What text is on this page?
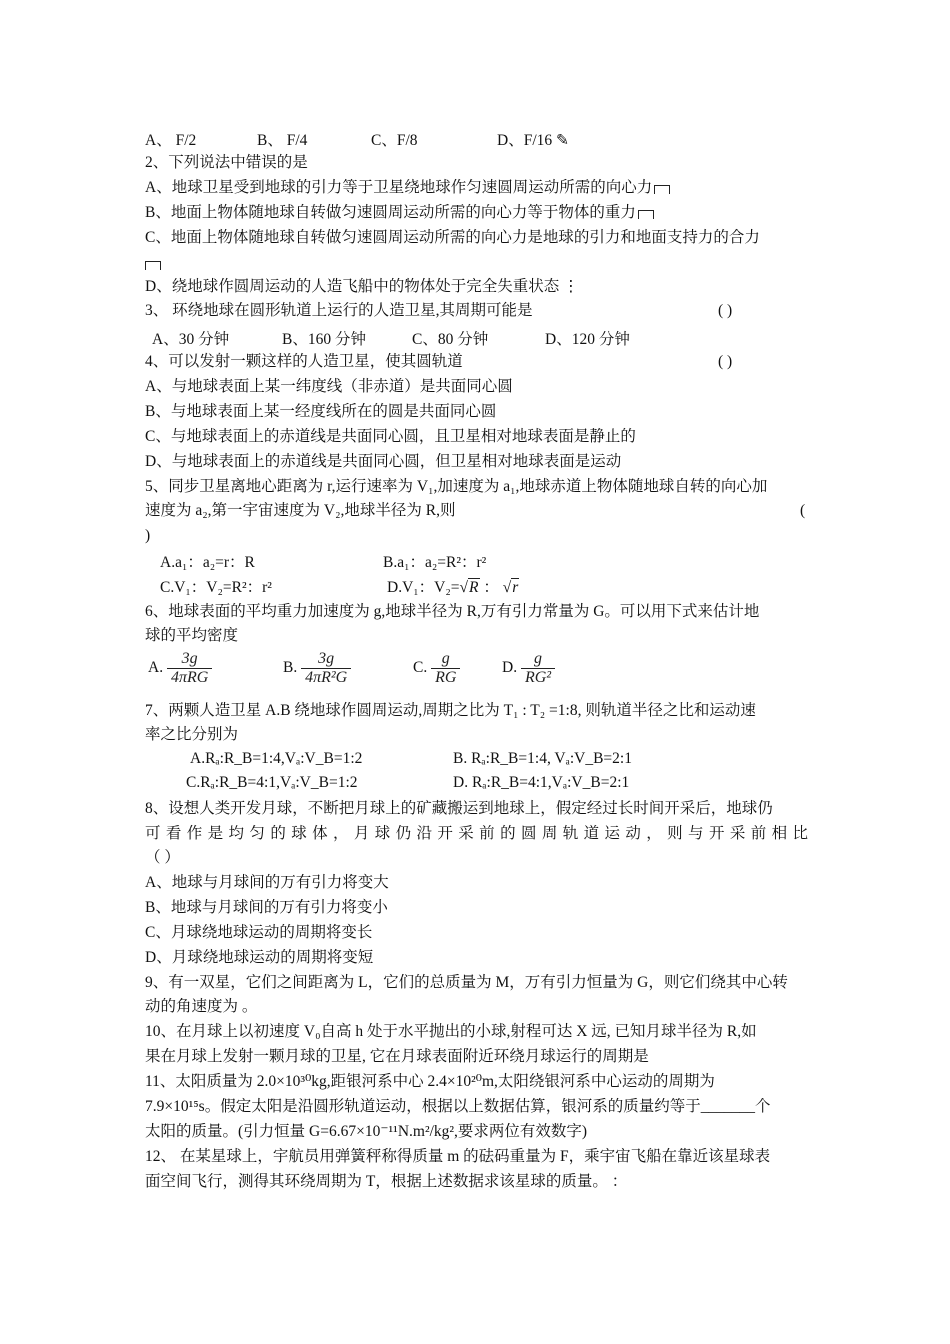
A、 F/2	B、 F/4	C、F/8	D、F/16 ✎
2、下列说法中错误的是
A、地球卫星受到地球的引力等于卫星绕地球作匀速圆周运动所需的向心力
B、地面上物体随地球自转做匀速圆周运动所需的向心力等于物体的重力
C、地面上物体随地球自转做匀速圆周运动所需的向心力是地球的引力和地面支持力的合力
D、绕地球作圆周运动的人造飞船中的物体处于完全失重状态 ⋮
3、 环绕地球在圆形轨道上运行的人造卫星,其周期可能是	( )
A、30 分钟	B、160 分钟	C、80 分钟	D、120 分钟
4、可以发射一颗这样的人造卫星，使其圆轨道	( )
A、与地球表面上某一纬度线（非赤道）是共面同心圆
B、与地球表面上某一经度线所在的圆是共面同心圆
C、与地球表面上的赤道线是共面同心圆，且卫星相对地球表面是静止的
D、与地球表面上的赤道线是共面同心圆，但卫星相对地球表面是运动
5、同步卫星离地心距离为 r,运行速率为 V₁,加速度为 a₁,地球赤道上物体随地球自转的向心加
速度为 a₂,第一宇宙速度为 V₂,地球半径为 R,则	(
)
A.a₁：a₂=r：R	B.a₁：a₂=R²：r²
C.V₁：V₂=R²：r²	D.V₁：V₂=√R ： √r
6、地球表面的平均重力加速度为 g,地球半径为 R,万有引力常量为 G。可以用下式来估计地
球的平均密度
A. $\frac{3g}{\text{4πRG}}$	B. $\frac{3g}{\text{4πR²G}}$	C. $\frac{g}{RG}$	D. $\frac{g}{\text{RG²}}$
7、两颗人造卫星 A.B 绕地球作圆周运动,周期之比为 T₁ : T₂ =1:8, 则轨道半径之比和运动速
率之比分别为
A.Rₐ:R_B=1:4,Vₐ:V_B=1:2	B. Rₐ:R_B=1:4, Vₐ:V_B=2:1
C.Rₐ:R_B=4:1,Vₐ:V_B=1:2	D. Rₐ:R_B=4:1,Vₐ:V_B=2:1
8、设想人类开发月球，不断把月球上的矿藏搬运到地球上，假定经过长时间开采后，地球仍
可看作是均匀的球体，月球仍沿开采前的圆周轨道运动，则与开采前相比
（ ）
A、地球与月球间的万有引力将变大
B、地球与月球间的万有引力将变小
C、月球绕地球运动的周期将变长
D、月球绕地球运动的周期将变短
9、有一双星，它们之间距离为 L，它们的总质量为 M，万有引力恒量为 G，则它们绕其中心转
动的角速度为 。
10、在月球上以初速度 V₀自高 h 处于水平抛出的小球,射程可达 X 远, 已知月球半径为 R,如
果在月球上发射一颗月球的卫星, 它在月球表面附近环绕月球运行的周期是
11、太阳质量为 2.0×10³⁰kg,距银河系中心 2.4×10²⁰m,太阳绕银河系中心运动的周期为
7.9×10¹⁵s。假定太阳是沿圆形轨道运动，根据以上数据估算，银河系的质量约等于_______个
太阳的质量。(引力恒量 G=6.67×10⁻¹¹N.m²/kg²,要求两位有效数字)
12、 在某星球上，宇航员用弹簧秤称得质量 m 的砝码重量为 F，乘宇宙飞船在靠近该星球表
面空间飞行，测得其环绕周期为 T，根据上述数据求该星球的质量。 ：
